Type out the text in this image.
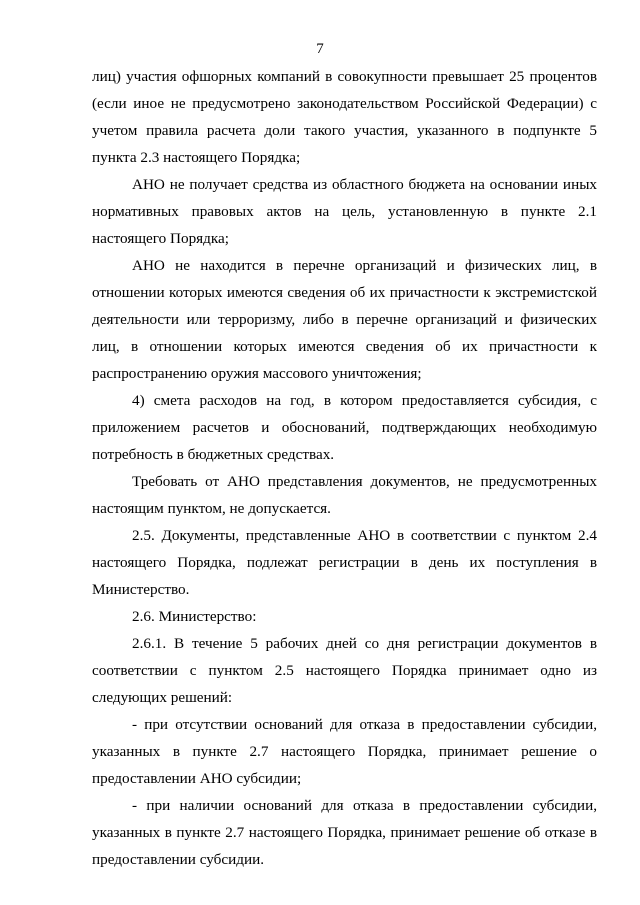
7

лиц) участия офшорных компаний в совокупности превышает 25 процентов (если иное не предусмотрено законодательством Российской Федерации) с учетом правила расчета доли такого участия, указанного в подпункте 5 пункта 2.3 настоящего Порядка;

АНО не получает средства из областного бюджета на основании иных нормативных правовых актов на цель, установленную в пункте 2.1 настоящего Порядка;

АНО не находится в перечне организаций и физических лиц, в отношении которых имеются сведения об их причастности к экстремистской деятельности или терроризму, либо в перечне организаций и физических лиц, в отношении которых имеются сведения об их причастности к распространению оружия массового уничтожения;

4) смета расходов на год, в котором предоставляется субсидия, с приложением расчетов и обоснований, подтверждающих необходимую потребность в бюджетных средствах.

Требовать от АНО представления документов, не предусмотренных настоящим пунктом, не допускается.

2.5. Документы, представленные АНО в соответствии с пунктом 2.4 настоящего Порядка, подлежат регистрации в день их поступления в Министерство.

2.6. Министерство:

2.6.1. В течение 5 рабочих дней со дня регистрации документов в соответствии с пунктом 2.5 настоящего Порядка принимает одно из следующих решений:

- при отсутствии оснований для отказа в предоставлении субсидии, указанных в пункте 2.7 настоящего Порядка, принимает решение о предоставлении АНО субсидии;

- при наличии оснований для отказа в предоставлении субсидии, указанных в пункте 2.7 настоящего Порядка, принимает решение об отказе в предоставлении субсидии.
